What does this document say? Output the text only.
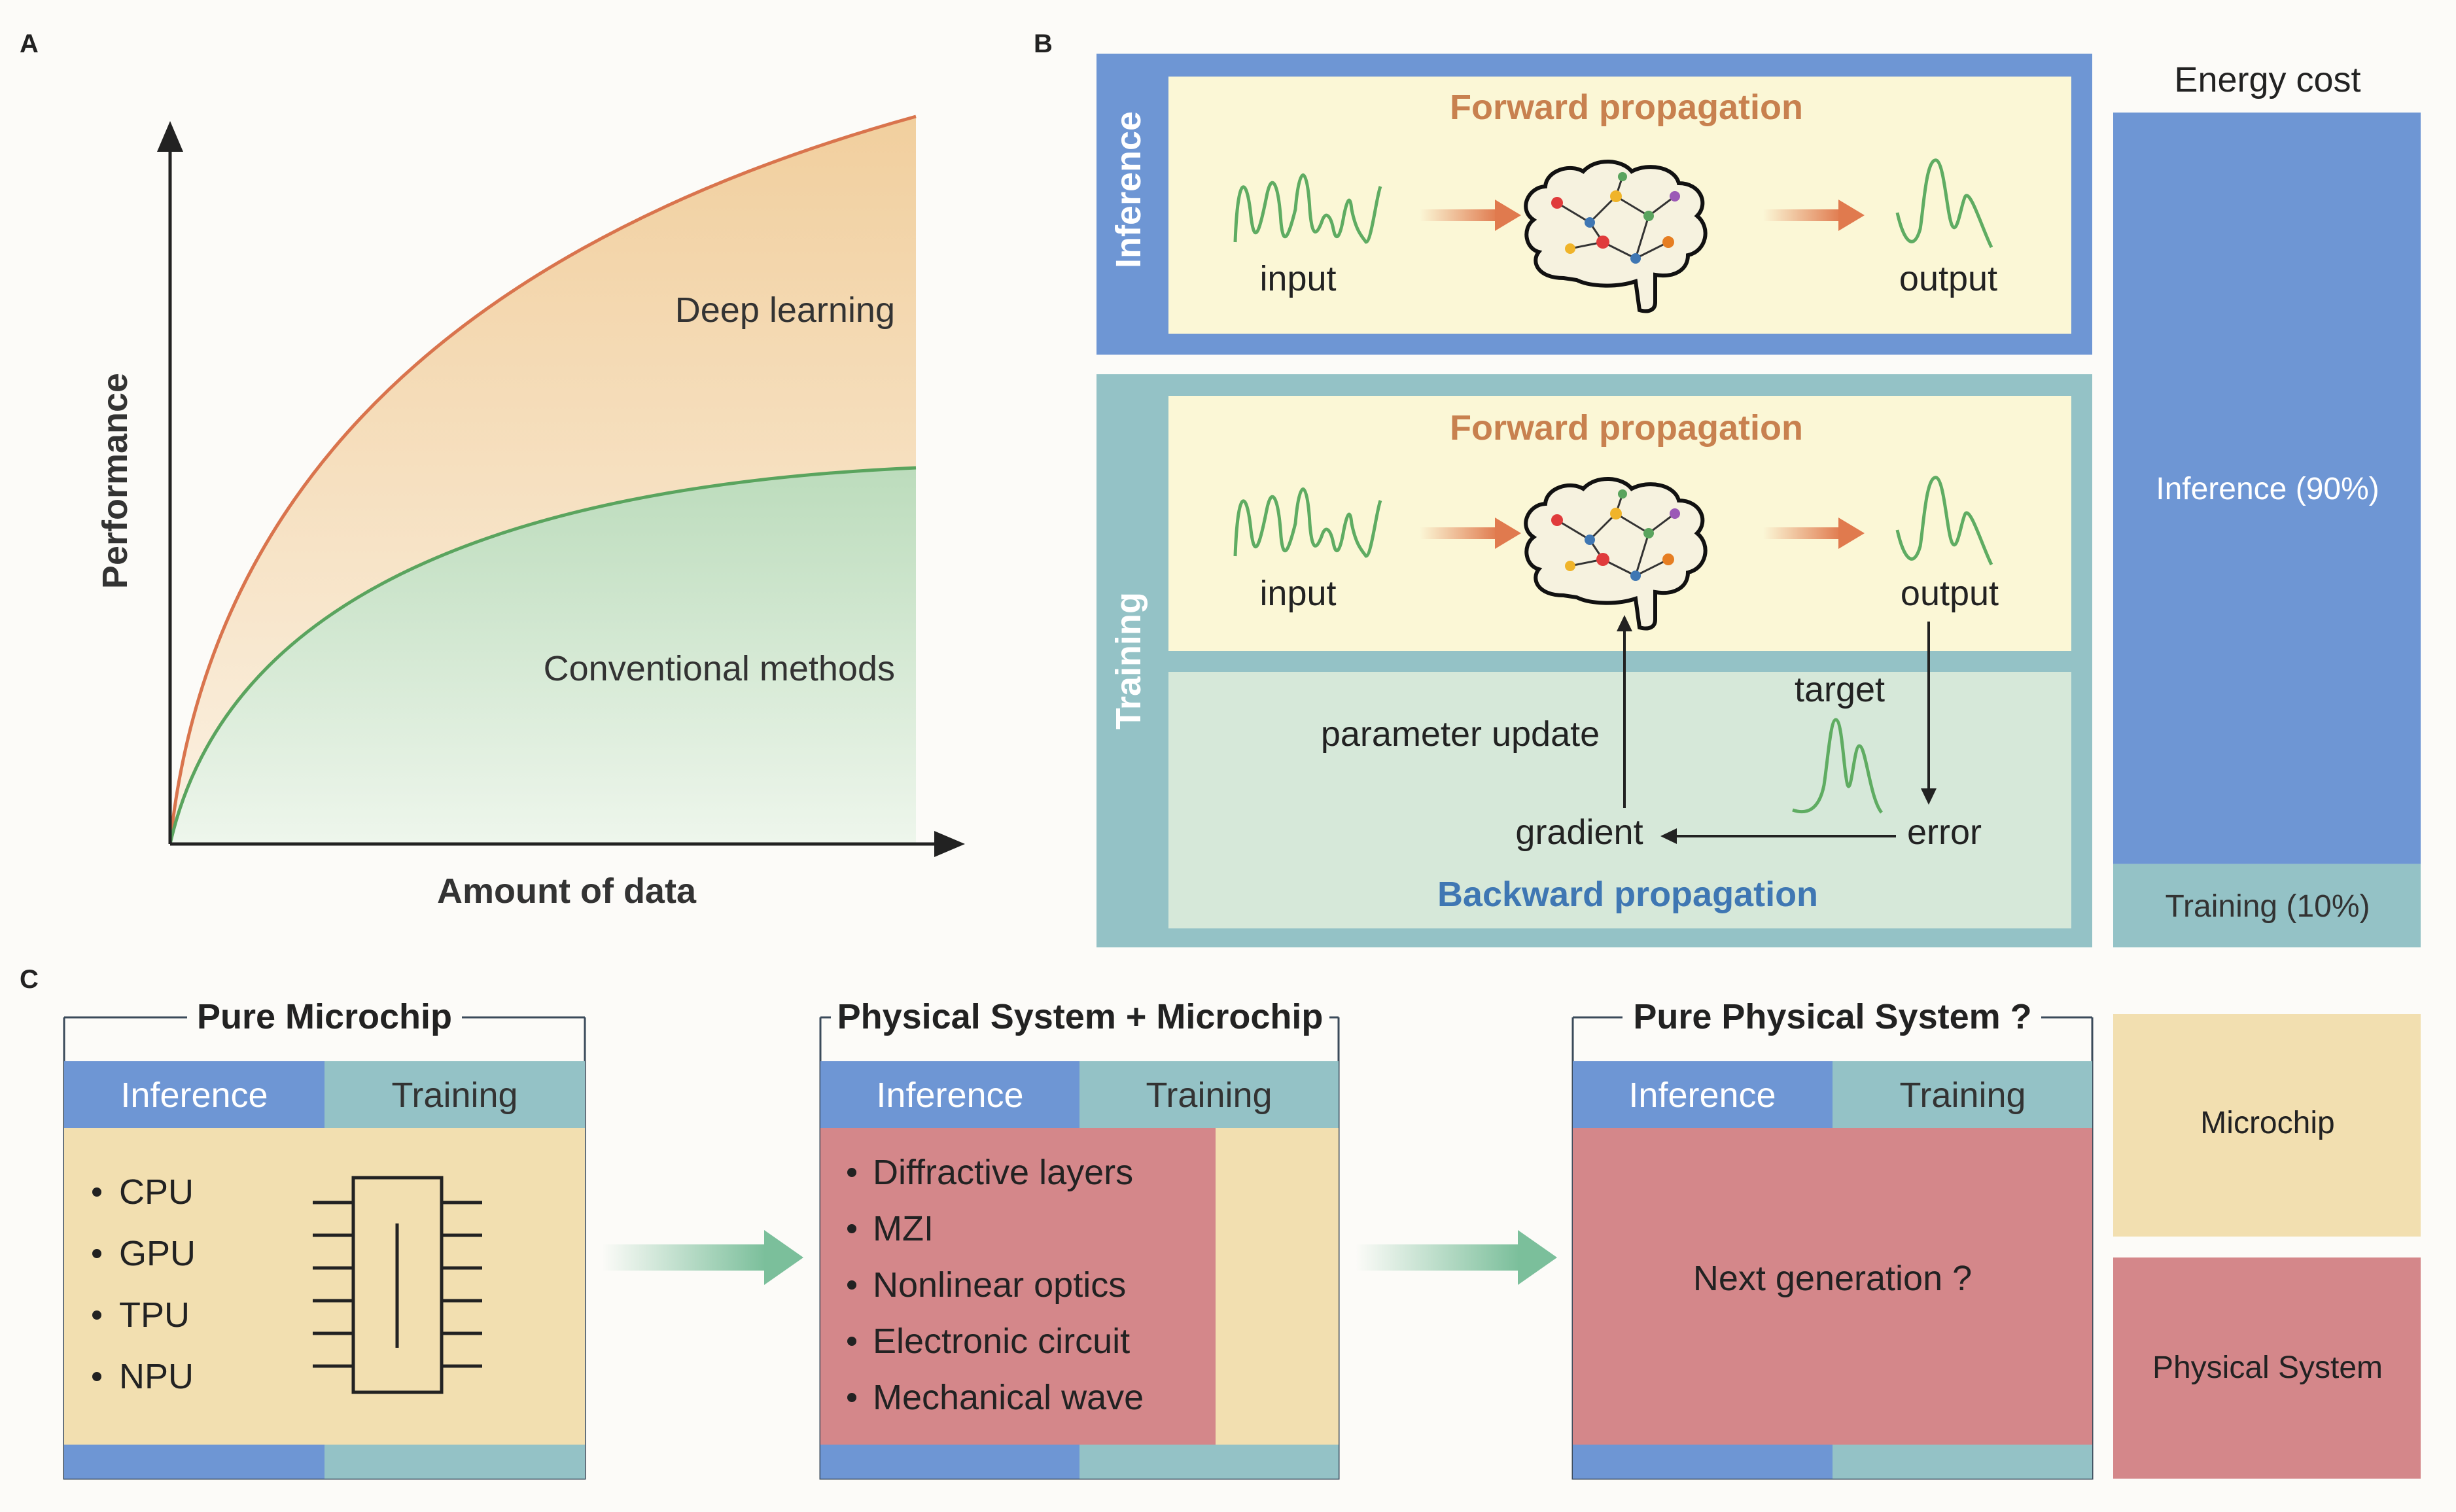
A
Deep learning
Conventional methods
Amount of data
Performance
B
Inference
Forward propagation
input	output
Training
Forward propagation
input	output
target
parameter update
gradient	error
Backward propagation
Energy cost
Inference (90%)
Training (10%)
C
Pure Microchip
Inference	Training
CPU
GPU
TPU
NPU
Physical System + Microchip
Inference	Training
Diffractive layers
MZI
Nonlinear optics
Electronic circuit
Mechanical wave
Pure Physical System ?
Inference	Training
Next generation ?
Microchip
Physical System
